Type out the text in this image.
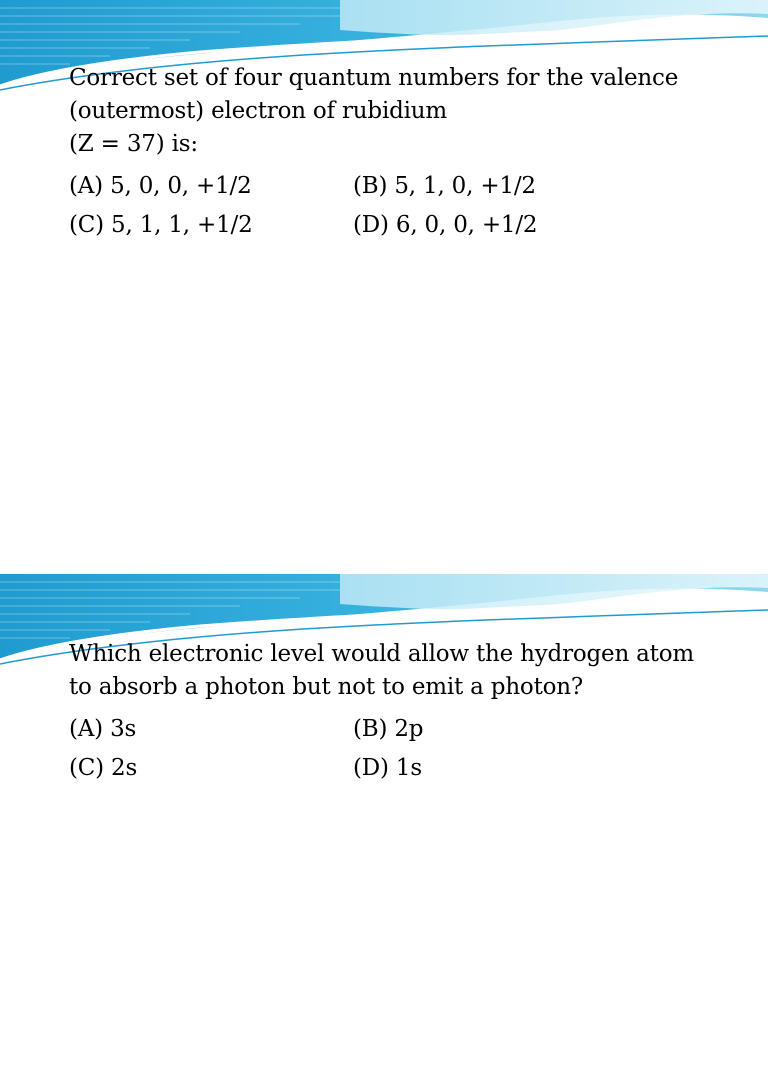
Correct set of four quantum numbers for the valence
(outermost) electron of rubidium
(Z = 37) is:
(A) 5, 0, 0, +1/2	(B) 5, 1, 0, +1/2
(C) 5, 1, 1, +1/2	(D) 6, 0, 0, +1/2
Which electronic level would allow the hydrogen atom
to absorb a photon but not to emit a photon?
(A) 3s	(B) 2p
(C) 2s	(D) 1s
